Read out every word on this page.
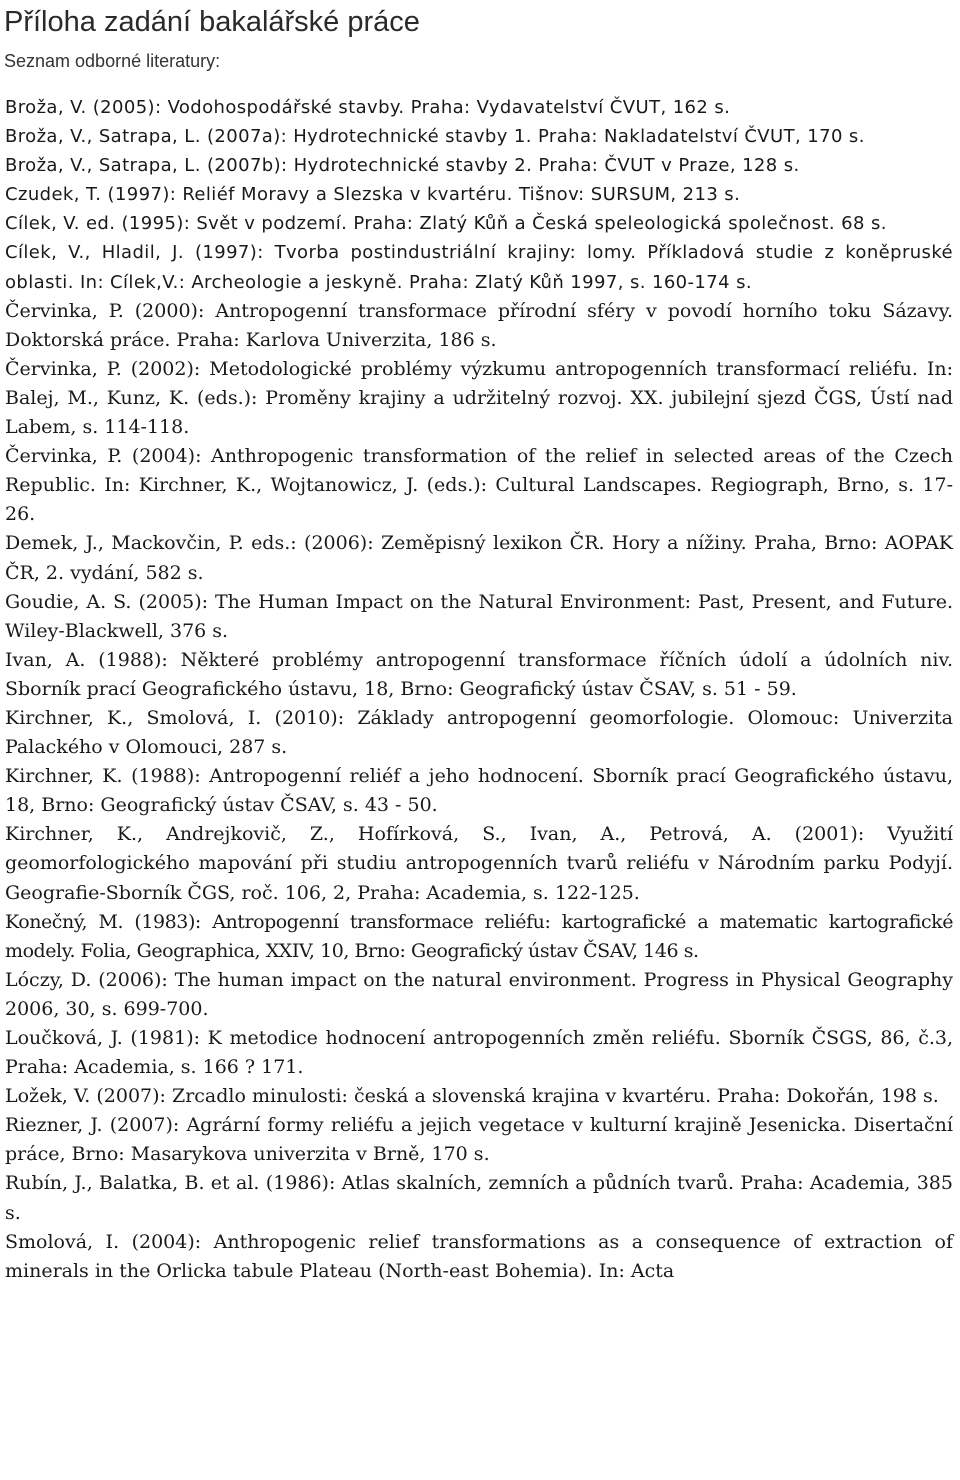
Příloha zadání bakalářské práce

Seznam odborné literatury:

Broža, V. (2005): Vodohospodářské stavby. Praha: Vydavatelství ČVUT, 162 s.
Broža, V., Satrapa, L. (2007a): Hydrotechnické stavby 1. Praha: Nakladatelství ČVUT, 170 s.
Broža, V., Satrapa, L. (2007b): Hydrotechnické stavby 2. Praha: ČVUT v Praze, 128 s.
Czudek, T. (1997): Reliéf Moravy a Slezska v kvartéru. Tišnov: SURSUM, 213 s.
Cílek, V. ed. (1995): Svět v podzemí. Praha: Zlatý Kůň a Česká speleologická společnost. 68 s.
Cílek, V., Hladil, J. (1997): Tvorba postindustriální krajiny: lomy. Příkladová studie z koněpruské oblasti. In: Cílek,V.: Archeologie a jeskyně. Praha: Zlatý Kůň 1997, s. 160-174 s.
Červinka, P. (2000): Antropogenní transformace přírodní sféry v povodí horního toku Sázavy. Doktorská práce. Praha: Karlova Univerzita, 186 s.
Červinka, P. (2002): Metodologické problémy výzkumu antropogenních transformací reliéfu. In: Balej, M., Kunz, K. (eds.): Proměny krajiny a udržitelný rozvoj. XX. jubilejní sjezd ČGS, Ústí nad Labem, s. 114-118.
Červinka, P. (2004): Anthropogenic transformation of the relief in selected areas of the Czech Republic. In: Kirchner, K., Wojtanowicz, J. (eds.): Cultural Landscapes. Regiograph, Brno, s. 17-26.
Demek, J., Mackovčin, P. eds.: (2006): Zeměpisný lexikon ČR. Hory a nížiny. Praha, Brno: AOPAK ČR, 2. vydání, 582 s.
Goudie, A. S. (2005): The Human Impact on the Natural Environment: Past, Present, and Future. Wiley-Blackwell, 376 s.
Ivan, A. (1988): Některé problémy antropogenní transformace říčních údolí a údolních niv. Sborník prací Geografického ústavu, 18, Brno: Geografický ústav ČSAV, s. 51 - 59.
Kirchner, K., Smolová, I. (2010): Základy antropogenní geomorfologie. Olomouc: Univerzita Palackého v Olomouci, 287 s.
Kirchner, K. (1988): Antropogenní reliéf a jeho hodnocení. Sborník prací Geografického ústavu, 18, Brno: Geografický ústav ČSAV, s. 43 - 50.
Kirchner, K., Andrejkovič, Z., Hofírková, S., Ivan, A., Petrová, A. (2001): Využití geomorfologického mapování při studiu antropogenních tvarů reliéfu v Národním parku Podyjí. Geografie-Sborník ČGS, roč. 106, 2, Praha: Academia, s. 122-125.
Konečný, M. (1983): Antropogenní transformace reliéfu: kartografické a matematic kartografické modely. Folia, Geographica, XXIV, 10, Brno: Geografický ústav ČSAV, 146 s.
Lóczy, D. (2006): The human impact on the natural environment. Progress in Physical Geography 2006, 30, s. 699-700.
Loučková, J. (1981): K metodice hodnocení antropogenních změn reliéfu. Sborník ČSGS, 86, č.3, Praha: Academia, s. 166 ? 171.
Ložek, V. (2007): Zrcadlo minulosti: česká a slovenská krajina v kvartéru. Praha: Dokořán, 198 s.
Riezner, J. (2007): Agrární formy reliéfu a jejich vegetace v kulturní krajině Jesenicka. Disertační práce, Brno: Masarykova univerzita v Brně, 170 s.
Rubín, J., Balatka, B. et al. (1986): Atlas skalních, zemních a půdních tvarů. Praha: Academia, 385 s.
Smolová, I. (2004): Anthropogenic relief transformations as a consequence of extraction of minerals in the Orlicka tabule Plateau (North-east Bohemia). In: Acta
